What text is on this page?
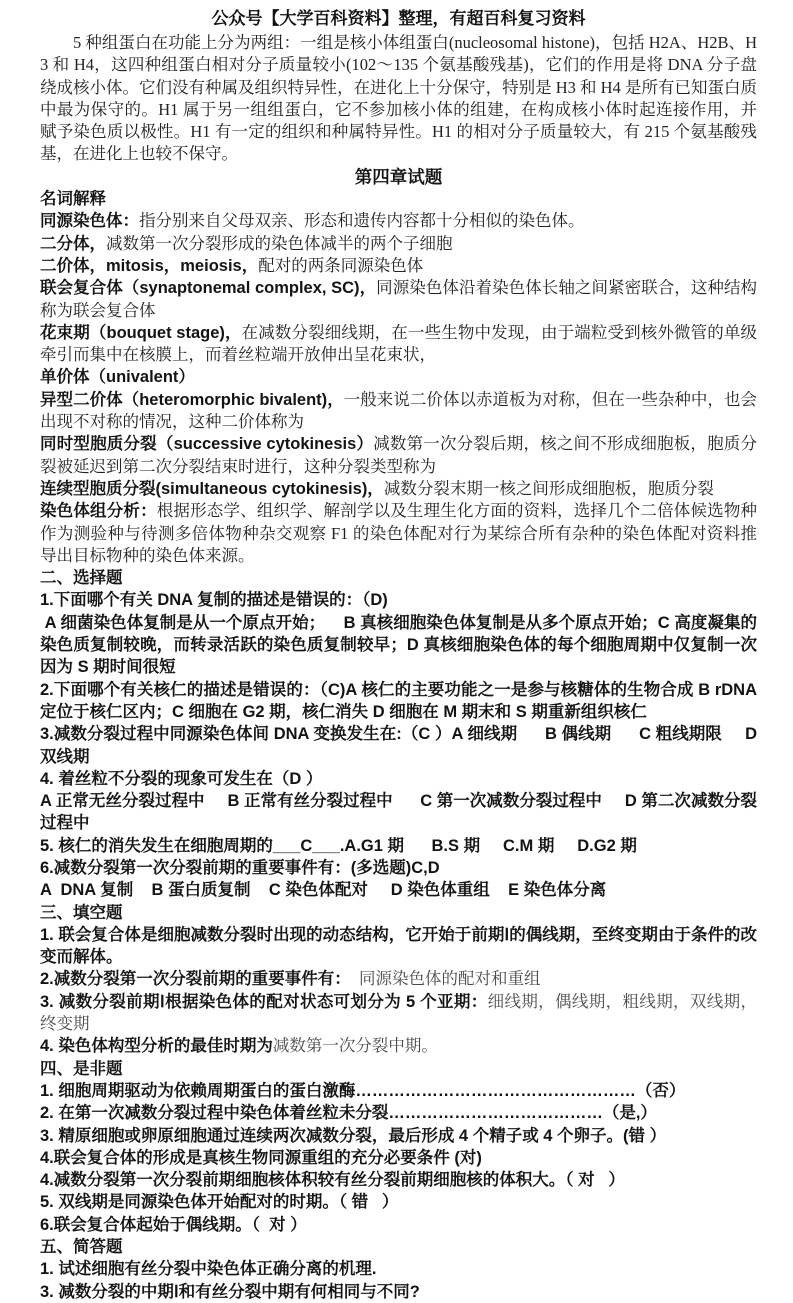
公众号【大学百科资料】整理，有超百科复习资料
5 种组蛋白在功能上分为两组：一组是核小体组蛋白(nucleosomal histone)，包括 H2A、H2B、H3 和 H4，这四种组蛋白相对分子质量较小(102～135 个氨基酸残基)，它们的作用是将 DNA 分子盘绕成核小体。它们没有种属及组织特异性，在进化上十分保守，特别是 H3 和 H4 是所有已知蛋白质中最为保守的。H1 属于另一组组蛋白，它不参加核小体的组建，在构成核小体时起连接作用，并赋予染色质以极性。H1 有一定的组织和种属特异性。H1 的相对分子质量较大，有 215 个氨基酸残基，在进化上也较不保守。
第四章试题
名词解释
同源染色体：指分别来自父母双亲、形态和遗传内容都十分相似的染色体。
二分体，减数第一次分裂形成的染色体减半的两个子细胞
二价体，mitosis，meiosis，配对的两条同源染色体
联会复合体（synaptonemal complex, SC)，同源染色体沿着染色体长轴之间紧密联合，这种结构称为联会复合体
花束期（bouquet stage)，在减数分裂细线期，在一些生物中发现，由于端粒受到核外微管的单级牵引而集中在核膜上，而着丝粒端开放伸出呈花束状，
单价体（univalent）
异型二价体（heteromorphic bivalent)，一般来说二价体以赤道板为对称，但在一些杂种中，也会出现不对称的情况，这种二价体称为
同时型胞质分裂（successive cytokinesis）减数第一次分裂后期，核之间不形成细胞板，胞质分裂被延迟到第二次分裂结束时进行，这种分裂类型称为
连续型胞质分裂(simultaneous cytokinesis)，减数分裂末期一核之间形成细胞板，胞质分裂
染色体组分析：根据形态学、组织学、解剖学以及生理生化方面的资料，选择几个二倍体候选物种作为测验种与待测多倍体物种杂交观察 F1 的染色体配对行为某综合所有杂种的染色体配对资料推导出目标物种的染色体来源。
二、选择题
1.下面哪个有关 DNA 复制的描述是错误的：（D)
A 细菌染色体复制是从一个原点开始；    B 真核细胞染色体复制是从多个原点开始；C 高度凝集的染色质复制较晚，而转录活跃的染色质复制较早；D 真核细胞染色体的每个细胞周期中仅复制一次因为 S 期时间很短
2.下面哪个有关核仁的描述是错误的：（C)A 核仁的主要功能之一是参与核糖体的生物合成 B rDNA 定位于核仁区内；C 细胞在 G2 期，核仁消失 D 细胞在 M 期末和 S 期重新组织核仁
3.减数分裂过程中同源染色体间 DNA 变换发生在:（C ）A 细线期      B 偶线期      C 粗线期限     D 双线期
4. 着丝粒不分裂的现象可发生在（D ）
A 正常无丝分裂过程中     B 正常有丝分裂过程中      C 第一次减数分裂过程中     D 第二次减数分裂过程中
5. 核仁的消失发生在细胞周期的___C___.A.G1 期      B.S 期     C.M 期     D.G2 期
6.减数分裂第一次分裂前期的重要事件有：(多选题)C,D
A  DNA 复制    B 蛋白质复制    C 染色体配对     D 染色体重组    E 染色体分离
三、填空题
1. 联会复合体是细胞减数分裂时出现的动态结构，它开始于前期Ⅰ的偶线期，至终变期由于条件的改变而解体。
2.减数分裂第一次分裂前期的重要事件有：  同源染色体的配对和重组
3. 减数分裂前期Ⅰ根据染色体的配对状态可划分为 5 个亚期：细线期，偶线期，粗线期，双线期，终变期
4. 染色体构型分析的最佳时期为减数第一次分裂中期。
四、是非题
1. 细胞周期驱动为依赖周期蛋白的蛋白激酶……………………………………………（否）
2. 在第一次减数分裂过程中染色体着丝粒未分裂…………………………………（是,）
3. 精原细胞或卵原细胞通过连续两次减数分裂，最后形成 4 个精子或 4 个卵子。(错 ）
4.联会复合体的形成是真核生物同源重组的充分必要条件 (对)
4.减数分裂第一次分裂前期细胞核体积较有丝分裂前期细胞核的体积大。（ 对   ）
5. 双线期是同源染色体开始配对的时期。（ 错   ）
6.联会复合体起始于偶线期。（  对 ）
五、简答题
1. 试述细胞有丝分裂中染色体正确分离的机理.
3. 减数分裂的中期Ⅰ和有丝分裂中期有何相同与不同?
